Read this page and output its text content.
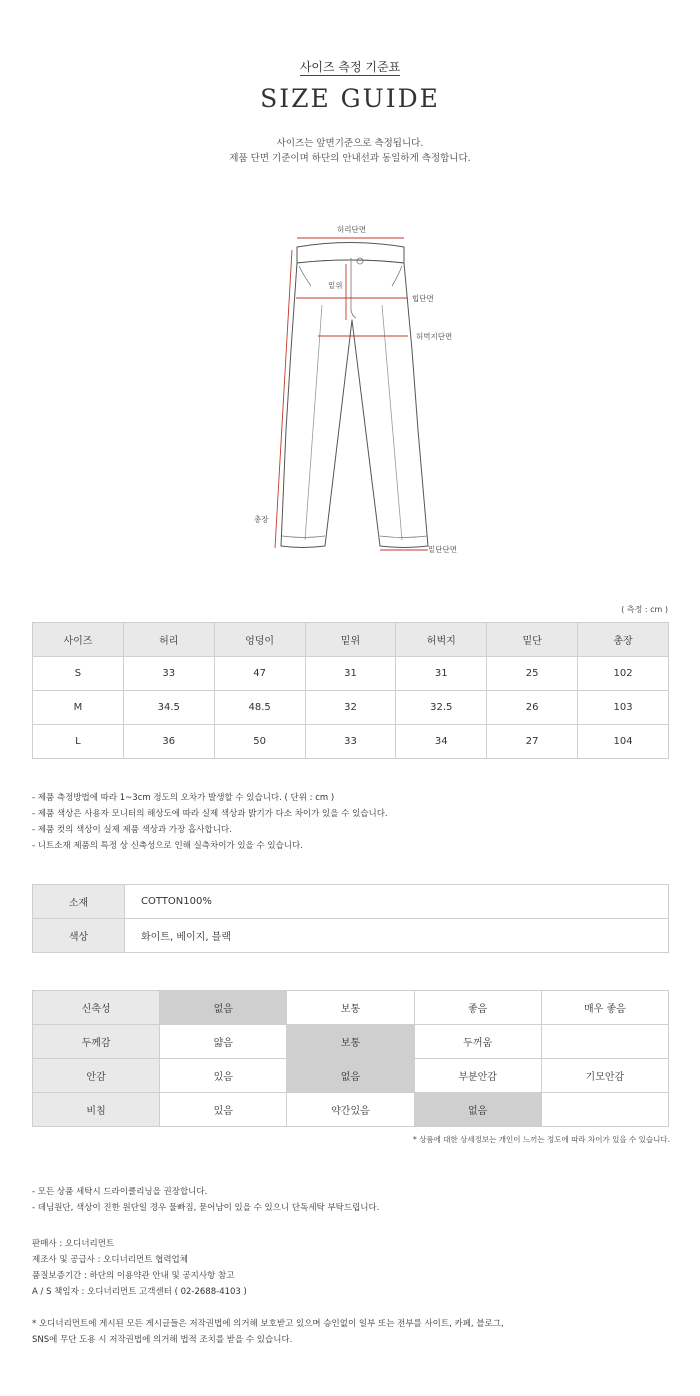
사이즈 측정 기준표
SIZE GUIDE
사이즈는 앞면기준으로 측정됩니다.
제품 단면 기준이며 하단의 안내선과 동일하게 측정합니다.
허리단면
밑위
힙단면
허벅지단면
총장
밑단단면
( 측정 : cm )
사이즈	허리	엉덩이	밑위	허벅지	밑단	총장
S	33	47	31	31	25	102
M	34.5	48.5	32	32.5	26	103
L	36	50	33	34	27	104
- 제품 측정방법에 따라 1~3cm 정도의 오차가 발생할 수 있습니다. ( 단위 : cm )
- 제품 색상은 사용자 모니터의 해상도에 따라 실제 색상과 밝기가 다소 차이가 있을 수 있습니다.
- 제품 컷의 색상이 실제 제품 색상과 가장 흡사합니다.
- 니트소재 제품의 특정 상 신축성으로 인해 실측차이가 있을 수 있습니다.
소재	COTTON100%
색상	화이트, 베이지, 블랙
신축성	없음	보통	좋음	매우 좋음
두께감	얇음	보통	두꺼움	
안감	있음	없음	부분안감	기모안감
비침	있음	약간있음	없음	
* 상품에 대한 상세정보는 개인이 느끼는 정도에 따라 차이가 있을 수 있습니다.
- 모든 상품 세탁시 드라이클리닝을 권장합니다.
- 데님원단, 색상이 진한 원단일 경우 물빠짐, 묻어남이 있을 수 있으니 단독세탁 부탁드립니다.
판매사 : 오디너리먼트
제조사 및 공급사 : 오디너리먼트 협력업체
품질보증기간 : 하단의 이용약관 안내 및 공지사항 참고
A / S 책임자 : 오디너리먼트 고객센터 ( 02-2688-4103 )
* 오디너리먼트에 게시된 모든 게시글들은 저작권법에 의거해 보호받고 있으며 승인없이 일부 또는 전부를 사이트, 카페, 블로그,
SNS에 무단 도용 시 저작권법에 의거해 법적 조치를 받을 수 있습니다.
